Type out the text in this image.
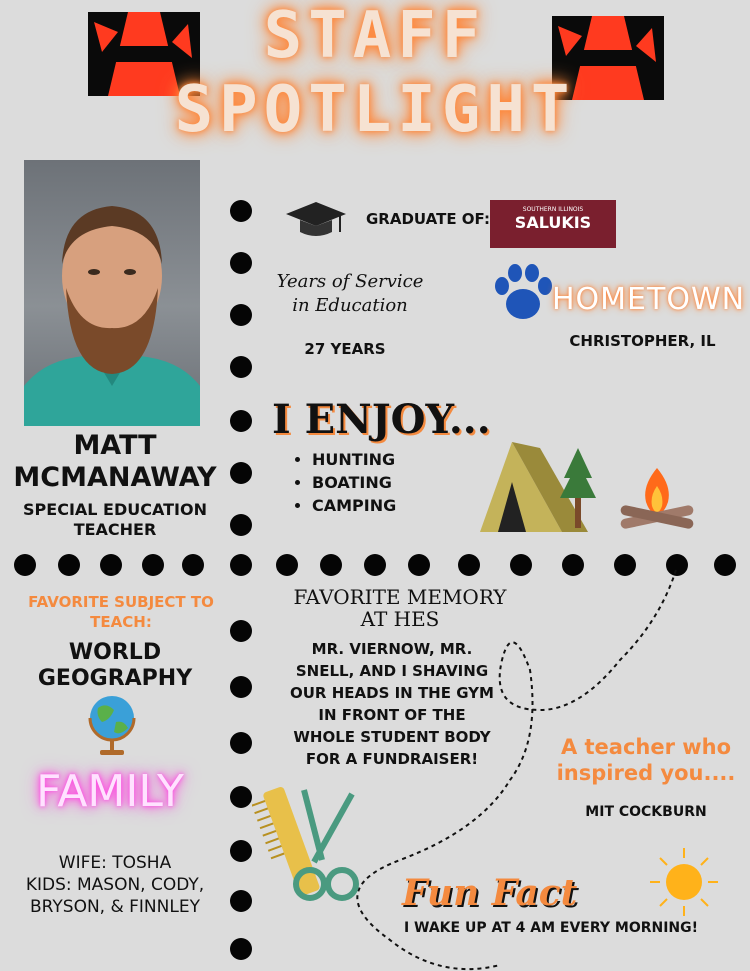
STAFF
SPOTLIGHT
MATT
MCMANAWAY
SPECIAL EDUCATION TEACHER
GRADUATE OF:
SOUTHERN ILLINOIS
SALUKIS
Years of Service
in Education
27 YEARS
HOMETOWN
CHRISTOPHER, IL
I ENJOY...
• HUNTING
• BOATING
• CAMPING
FAVORITE SUBJECT TO TEACH:
WORLD
GEOGRAPHY
FAVORITE MEMORY
AT HES
MR. VIERNOW, MR.
SNELL, AND I SHAVING
OUR HEADS IN THE GYM
IN FRONT OF THE
WHOLE STUDENT BODY
FOR A FUNDRAISER!	A teacher who
inspired you....
MIT COCKBURN
FAMILY
WIFE: TOSHA
KIDS: MASON, CODY,
BRYSON, & FINNLEY	Fun Fact
I WAKE UP AT 4 AM EVERY MORNING!
